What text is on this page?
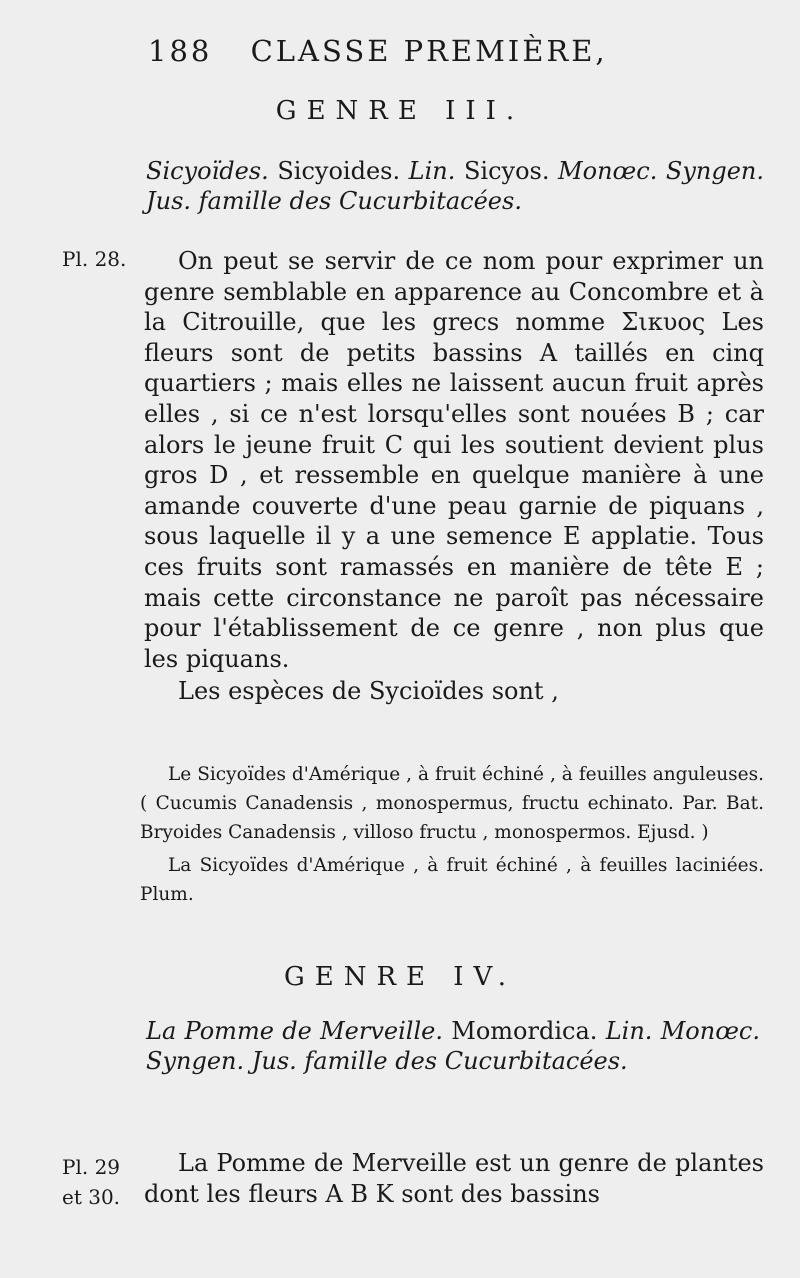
188 CLASSE PREMIÈRE,
GENRE III.
Sicyoïdes. Sicyoides. Lin. Sicyos. Monœc. Syngen. Jus. famille des Cucurbitacées.
Pl. 28.	On peut se servir de ce nom pour exprimer un genre semblable en apparence au Concombre et à la Citrouille, que les grecs nomme Σικυος Les fleurs sont de petits bassins A taillés en cinq quartiers ; mais elles ne laissent aucun fruit après elles , si ce n'est lorsqu'elles sont nouées B ; car alors le jeune fruit C qui les soutient devient plus gros D , et ressemble en quelque manière à une amande couverte d'une peau garnie de piquans , sous laquelle il y a une semence E applatie. Tous ces fruits sont ramassés en manière de tête E ; mais cette circonstance ne paroît pas nécessaire pour l'établissement de ce genre , non plus que les piquans.

Les espèces de Sycioïdes sont ,

Le Sicyoïdes d'Amérique , à fruit échiné , à feuilles anguleuses. ( Cucumis Canadensis , monospermus, fructu echinato. Par. Bat. Bryoides Canadensis , villoso fructu , monospermos. Ejusd. )

La Sicyoïdes d'Amérique , à fruit échiné , à feuilles laciniées. Plum.

GENRE IV.
La Pomme de Merveille. Momordica. Lin. Monœc. Syngen. Jus. famille des Cucurbitacées.
Pl. 29
et 30.

La Pomme de Merveille est un genre de plantes dont les fleurs A B K sont des bassins
